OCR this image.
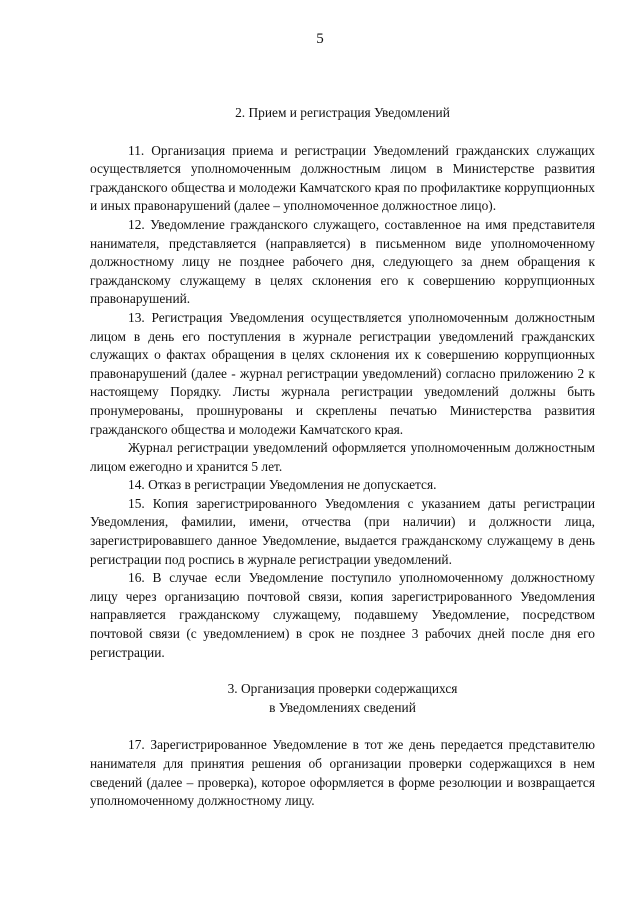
5
2. Прием и регистрация Уведомлений

11. Организация приема и регистрации Уведомлений гражданских служащих осуществляется уполномоченным должностным лицом в Министерстве развития гражданского общества и молодежи Камчатского края по профилактике коррупционных и иных правонарушений (далее – уполномоченное должностное лицо).

12. Уведомление гражданского служащего, составленное на имя представителя нанимателя, представляется (направляется) в письменном виде уполномоченному должностному лицу не позднее рабочего дня, следующего за днем обращения к гражданскому служащему в целях склонения его к совершению коррупционных правонарушений.

13. Регистрация Уведомления осуществляется уполномоченным должностным лицом в день его поступления в журнале регистрации уведомлений гражданских служащих о фактах обращения в целях склонения их к совершению коррупционных правонарушений (далее - журнал регистрации уведомлений) согласно приложению 2 к настоящему Порядку. Листы журнала регистрации уведомлений должны быть пронумерованы, прошнурованы и скреплены печатью Министерства развития гражданского общества и молодежи Камчатского края.

Журнал регистрации уведомлений оформляется уполномоченным должностным лицом ежегодно и хранится 5 лет.

14. Отказ в регистрации Уведомления не допускается.

15. Копия зарегистрированного Уведомления с указанием даты регистрации Уведомления, фамилии, имени, отчества (при наличии) и должности лица, зарегистрировавшего данное Уведомление, выдается гражданскому служащему в день регистрации под роспись в журнале регистрации уведомлений.

16. В случае если Уведомление поступило уполномоченному должностному лицу через организацию почтовой связи, копия зарегистрированного Уведомления направляется гражданскому служащему, подавшему Уведомление, посредством почтовой связи (с уведомлением) в срок не позднее 3 рабочих дней после дня его регистрации.

3. Организация проверки содержащихся
в Уведомлениях сведений

17. Зарегистрированное Уведомление в тот же день передается представителю нанимателя для принятия решения об организации проверки содержащихся в нем сведений (далее – проверка), которое оформляется в форме резолюции и возвращается уполномоченному должностному лицу.
